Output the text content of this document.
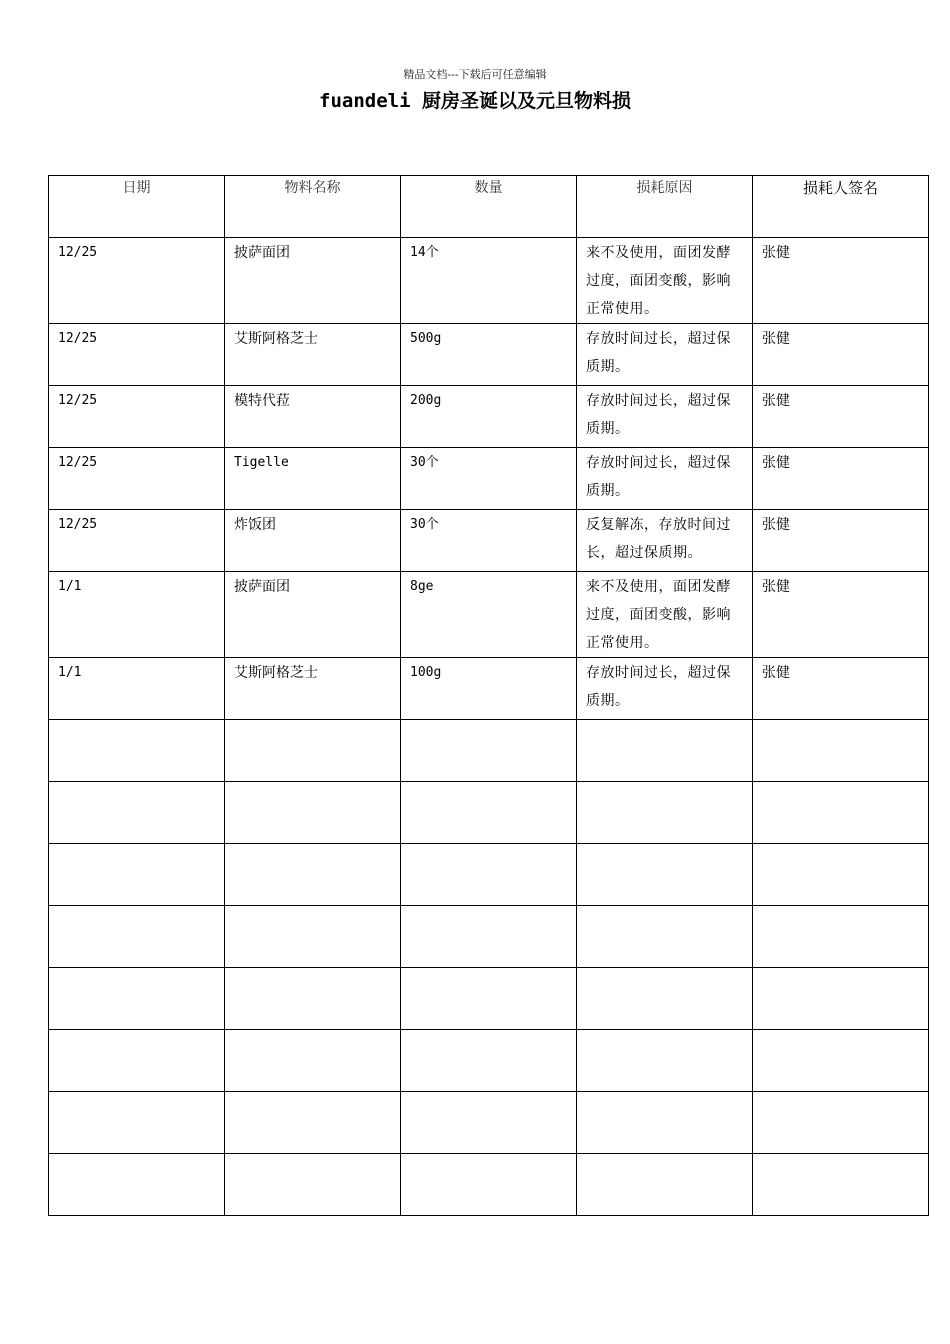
精品文档---下载后可任意编辑
fuandeli 厨房圣诞以及元旦物料损
日期	物料名称	数量	损耗原因	损耗人签名
12/25	披萨面团	14个	来不及使用，面团发酵过度，面团变酸，影响正常使用。	张健
12/25	艾斯阿格芝士	500g	存放时间过长，超过保质期。	张健
12/25	模特代菈	200g	存放时间过长，超过保质期。	张健
12/25	Tigelle	30个	存放时间过长，超过保质期。	张健
12/25	炸饭团	30个	反复解冻，存放时间过长，超过保质期。	张健
1/1	披萨面团	8ge	来不及使用，面团发酵过度，面团变酸，影响正常使用。	张健
1/1	艾斯阿格芝士	100g	存放时间过长，超过保质期。	张健
